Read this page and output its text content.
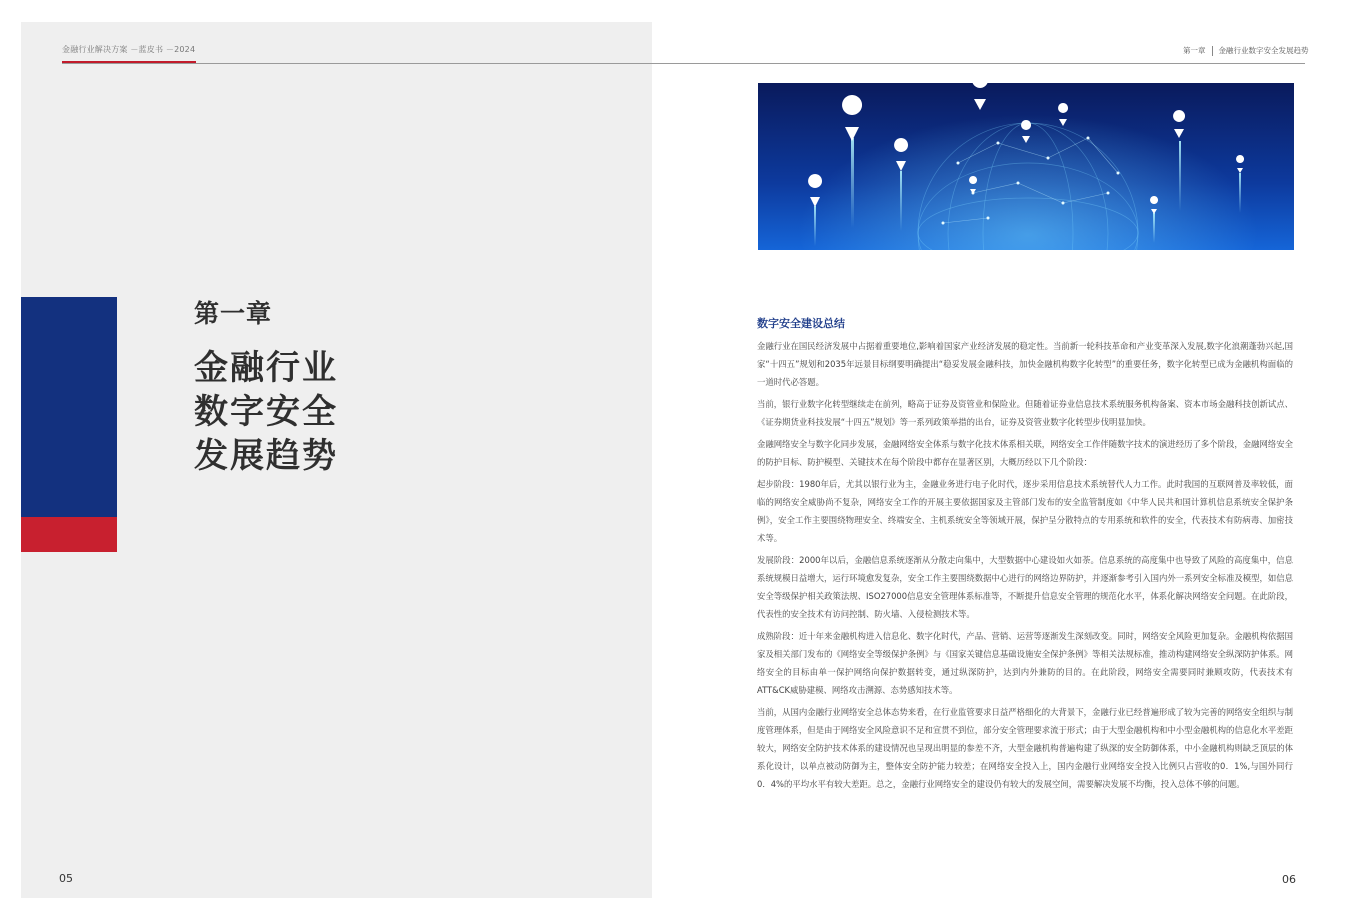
金融行业解决方案 －蓝皮书 －2024
第一章
金融行业
数字安全
发展趋势
05
第一章 金融行业数字安全发展趋势
数字安全建设总结

金融行业在国民经济发展中占据着重要地位,影响着国家产业经济发展的稳定性。当前新一轮科技革命和产业变革深入发展,数字化浪潮蓬勃兴起,国家“十四五”规划和2035年远景目标纲要明确提出“稳妥发展金融科技，加快金融机构数字化转型”的重要任务，数字化转型已成为金融机构面临的一道时代必答题。

当前，银行业数字化转型继续走在前列，略高于证券及资管业和保险业。但随着证券业信息技术系统服务机构备案、资本市场金融科技创新试点、《证券期货业科技发展“十四五”规划》等一系列政策举措的出台，证券及资管业数字化转型步伐明显加快。

金融网络安全与数字化同步发展，金融网络安全体系与数字化技术体系相关联，网络安全工作伴随数字技术的演进经历了多个阶段，金融网络安全的防护目标、防护模型、关键技术在每个阶段中都存在显著区别，大概历经以下几个阶段：

起步阶段：1980年后，尤其以银行业为主，金融业务进行电子化时代，逐步采用信息技术系统替代人力工作。此时我国的互联网普及率较低，面临的网络安全威胁尚不复杂，网络安全工作的开展主要依据国家及主管部门发布的安全监管制度如《中华人民共和国计算机信息系统安全保护条例》，安全工作主要围绕物理安全、终端安全、主机系统安全等领域开展，保护呈分散特点的专用系统和软件的安全，代表技术有防病毒、加密技术等。

发展阶段：2000年以后，金融信息系统逐渐从分散走向集中，大型数据中心建设如火如荼。信息系统的高度集中也导致了风险的高度集中，信息系统规模日益增大，运行环境愈发复杂，安全工作主要围绕数据中心进行的网络边界防护，并逐渐参考引入国内外一系列安全标准及模型，如信息安全等级保护相关政策法规、ISO27000信息安全管理体系标准等，不断提升信息安全管理的规范化水平，体系化解决网络安全问题。在此阶段，代表性的安全技术有访问控制、防火墙、入侵检测技术等。

成熟阶段：近十年来金融机构进入信息化、数字化时代，产品、营销、运营等逐渐发生深刻改变。同时，网络安全风险更加复杂。金融机构依据国家及相关部门发布的《网络安全等级保护条例》与《国家关键信息基础设施安全保护条例》等相关法规标准，推动构建网络安全纵深防护体系。网络安全的目标由单一保护网络向保护数据转变，通过纵深防护，达到内外兼防的目的。在此阶段，网络安全需要同时兼顾攻防，代表技术有ATT&CK威胁建模、网络攻击溯源、态势感知技术等。

当前，从国内金融行业网络安全总体态势来看，在行业监管要求日益严格细化的大背景下，金融行业已经普遍形成了较为完善的网络安全组织与制度管理体系，但是由于网络安全风险意识不足和宣贯不到位，部分安全管理要求流于形式；由于大型金融机构和中小型金融机构的信息化水平差距较大，网络安全防护技术体系的建设情况也呈现出明显的参差不齐，大型金融机构普遍构建了纵深的安全防御体系，中小金融机构则缺乏顶层的体系化设计，以单点被动防御为主，整体安全防护能力较差；在网络安全投入上，国内金融行业网络安全投入比例只占营收的0．1%,与国外同行0．4%的平均水平有较大差距。总之，金融行业网络安全的建设仍有较大的发展空间，需要解决发展不均衡，投入总体不够的问题。

06
